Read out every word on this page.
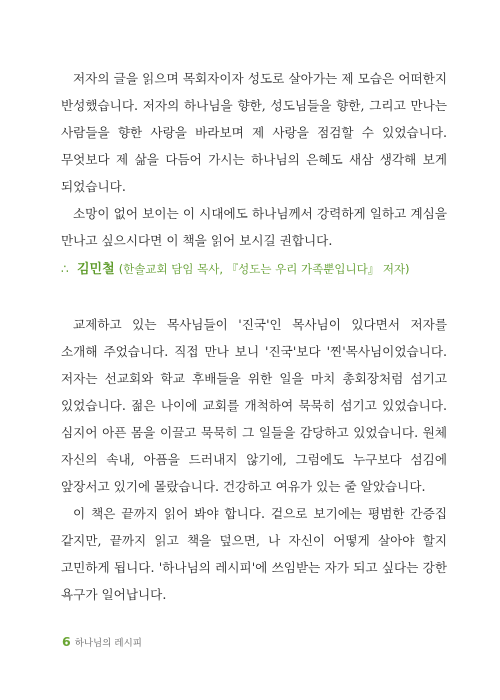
저자의 글을 읽으며 목회자이자 성도로 살아가는 제 모습은 어떠한지 반성했습니다. 저자의 하나님을 향한, 성도님들을 향한, 그리고 만나는 사람들을 향한 사랑을 바라보며 제 사랑을 점검할 수 있었습니다. 무엇보다 제 삶을 다듬어 가시는 하나님의 은혜도 새삼 생각해 보게 되었습니다.

소망이 없어 보이는 이 시대에도 하나님께서 강력하게 일하고 계심을 만나고 싶으시다면 이 책을 읽어 보시길 권합니다.

∴ 김민철 (한솔교회 담임 목사, 『성도는 우리 가족뿐입니다』 저자)

교제하고 있는 목사님들이 '진국'인 목사님이 있다면서 저자를 소개해 주었습니다. 직접 만나 보니 '진국'보다 '찐'목사님이었습니다. 저자는 선교회와 학교 후배들을 위한 일을 마치 총회장처럼 섬기고 있었습니다. 젊은 나이에 교회를 개척하여 묵묵히 섬기고 있었습니다. 심지어 아픈 몸을 이끌고 묵묵히 그 일들을 감당하고 있었습니다. 원체 자신의 속내, 아픔을 드러내지 않기에, 그럼에도 누구보다 섬김에 앞장서고 있기에 몰랐습니다. 건강하고 여유가 있는 줄 알았습니다.

이 책은 끝까지 읽어 봐야 합니다. 겉으로 보기에는 평범한 간증집 같지만, 끝까지 읽고 책을 덮으면, 나 자신이 어떻게 살아야 할지 고민하게 됩니다. '하나님의 레시피'에 쓰임받는 자가 되고 싶다는 강한 욕구가 일어납니다.

6 하나님의 레시피
